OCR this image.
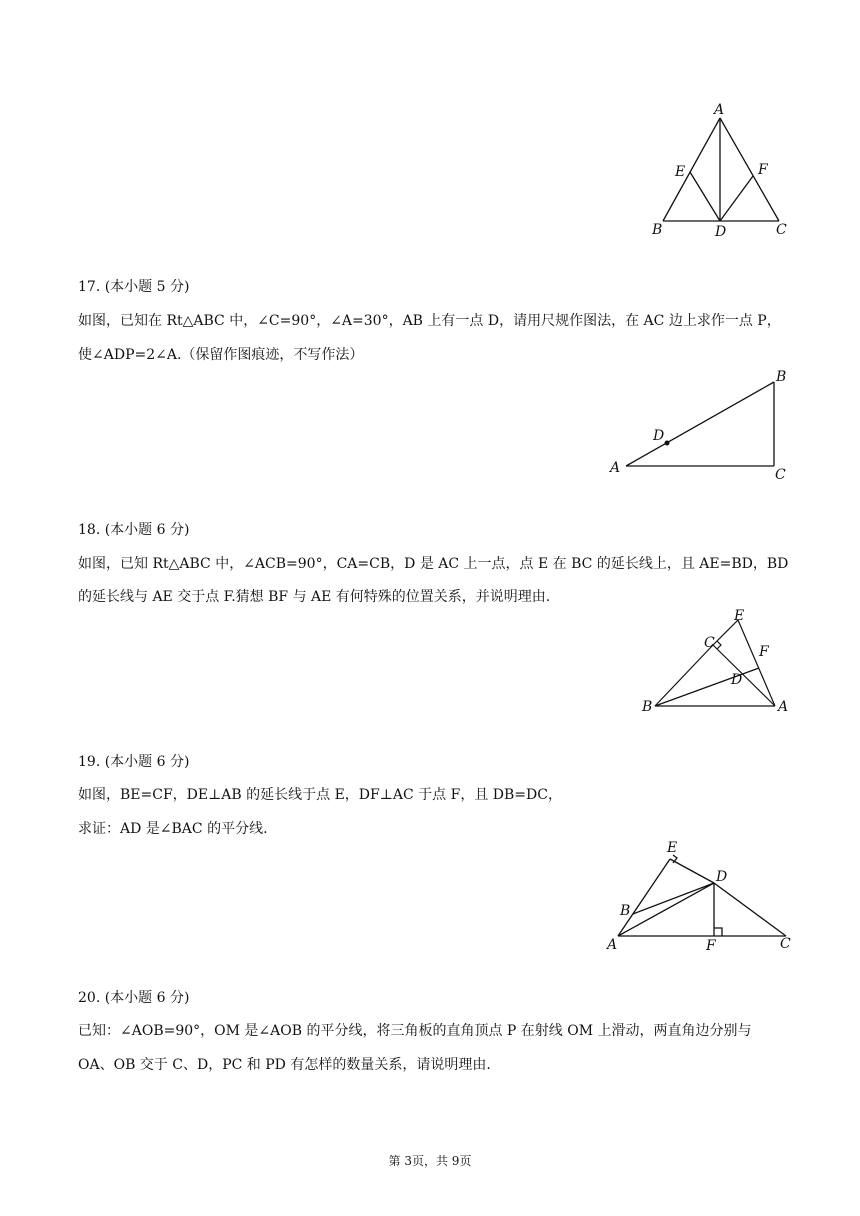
A
E	F
B	D	C
17. (本小题 5 分)
如图，已知在 Rt△ABC 中，∠C=90°，∠A=30°，AB 上有一点 D，请用尺规作图法，在 AC 边上求作一点 P，
使∠ADP=2∠A.（保留作图痕迹，不写作法）
B
D
A	C
18. (本小题 6 分)
如图，已知 Rt△ABC 中，∠ACB=90°，CA=CB，D 是 AC 上一点，点 E 在 BC 的延长线上，且 AE=BD，BD
的延长线与 AE 交于点 F.猜想 BF 与 AE 有何特殊的位置关系，并说明理由.
E
C
F
D
B	A
19. (本小题 6 分)
如图，BE=CF，DE⊥AB 的延长线于点 E，DF⊥AC 于点 F，且 DB=DC，
求证：AD 是∠BAC 的平分线.
E
D
B
A	F	C
20. (本小题 6 分)
已知：∠AOB=90°，OM 是∠AOB 的平分线，将三角板的直角顶点 P 在射线 OM 上滑动，两直角边分别与
OA、OB 交于 C、D，PC 和 PD 有怎样的数量关系，请说明理由.
第 3页，共 9页
